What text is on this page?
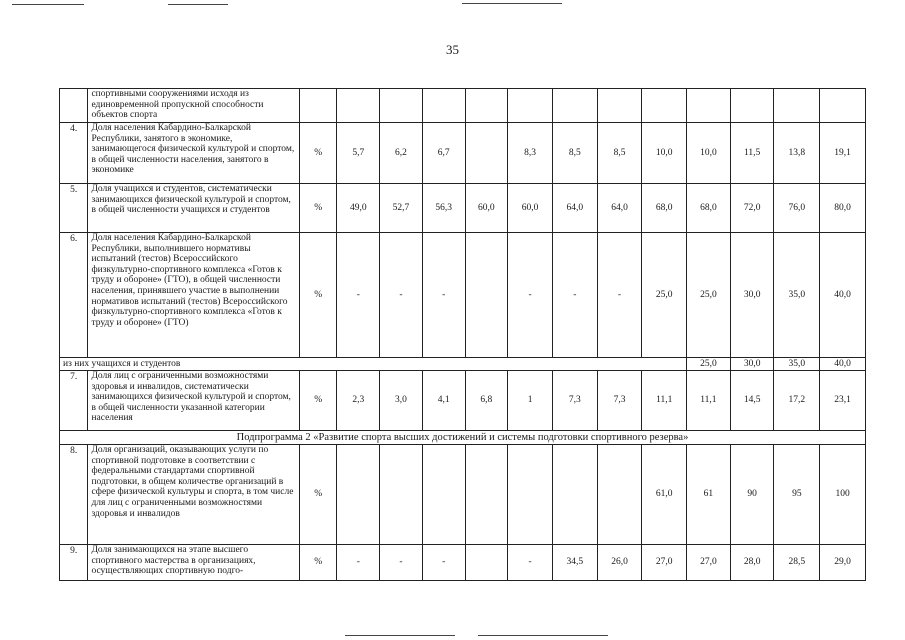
35
	спортивными сооружениями исходя из единовременной пропускной способности объектов спорта													
4.	Доля населения Кабардино-Балкарской Республики, занятого в экономике, занимающегося физической культурой и спортом, в общей численности населения, занятого в экономике	%	5,7	6,2	6,7		8,3	8,5	8,5	10,0	10,0	11,5	13,8	19,1
5.	Доля учащихся и студентов, систематически занимающихся физической культурой и спортом, в общей численности учащихся и студентов	%	49,0	52,7	56,3	60,0	60,0	64,0	64,0	68,0	68,0	72,0	76,0	80,0
6.	Доля населения Кабардино-Балкарской Республики, выполнившего нормативы испытаний (тестов) Всероссийского физкультурно-спортивного комплекса «Готов к труду и обороне» (ГТО), в общей численности населения, принявшего участие в выполнении нормативов испытаний (тестов) Всероссийского физкультурно-спортивного комплекса «Готов к труду и обороне» (ГТО)	%	-	-	-		-	-	-	25,0	25,0	30,0	35,0	40,0
из них учащихся и студентов											25,0	30,0	35,0	40,0
7.	Доля лиц с ограниченными возможностями здоровья и инвалидов, систематически занимающихся физической культурой и спортом, в общей численности указанной категории населения	%	2,3	3,0	4,1	6,8	1	7,3	7,3	11,1	11,1	14,5	17,2	23,1
Подпрограмма 2 «Развитие спорта высших достижений и системы подготовки спортивного резерва»														
8.	Доля организаций, оказывающих услуги по спортивной подготовке в соответствии с федеральными стандартами спортивной подготовки, в общем количестве организаций в сфере физической культуры и спорта, в том числе для лиц с ограниченными возможностями здоровья и инвалидов	%								61,0	61	90	95	100
9.	Доля занимающихся на этапе высшего спортивного мастерства в организациях, осуществляющих спортивную подго-	%	-	-	-		-	34,5	26,0	27,0	27,0	28,0	28,5	29,0
